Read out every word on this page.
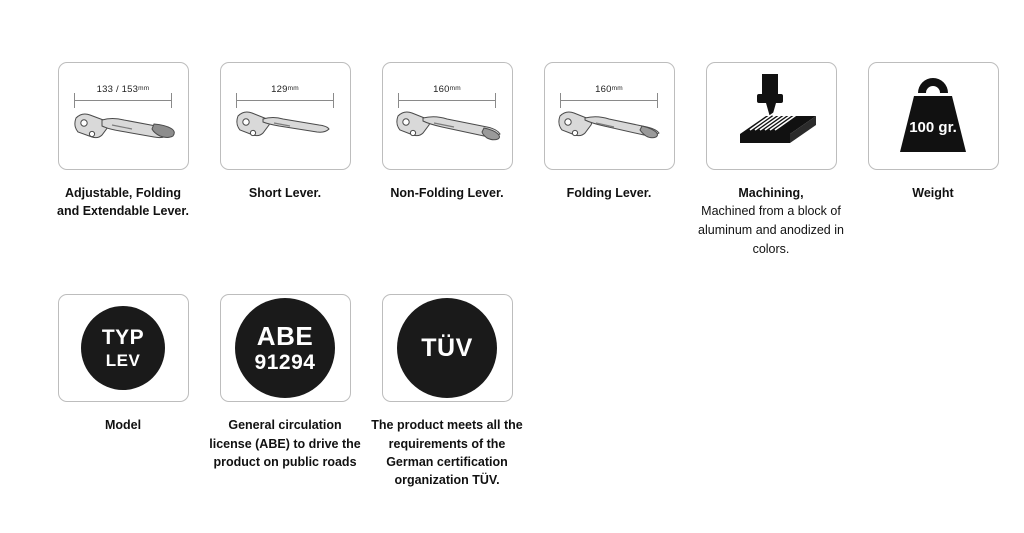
$133 / 153^{mm}$
Adjustable, Folding
and Extendable Lever.
$129^{mm}$
Short Lever.
$160^{mm}$
Non-Folding Lever.
$160^{mm}$
Folding Lever.	Machining,
Machined from a block of aluminum and anodized in colors.
100 gr.
Weight
TYP
LEV
Model
ABE
91294
General circulation license (ABE) to drive the product on public roads
TÜV
The product meets all the requirements of the German certification organization TÜV.
